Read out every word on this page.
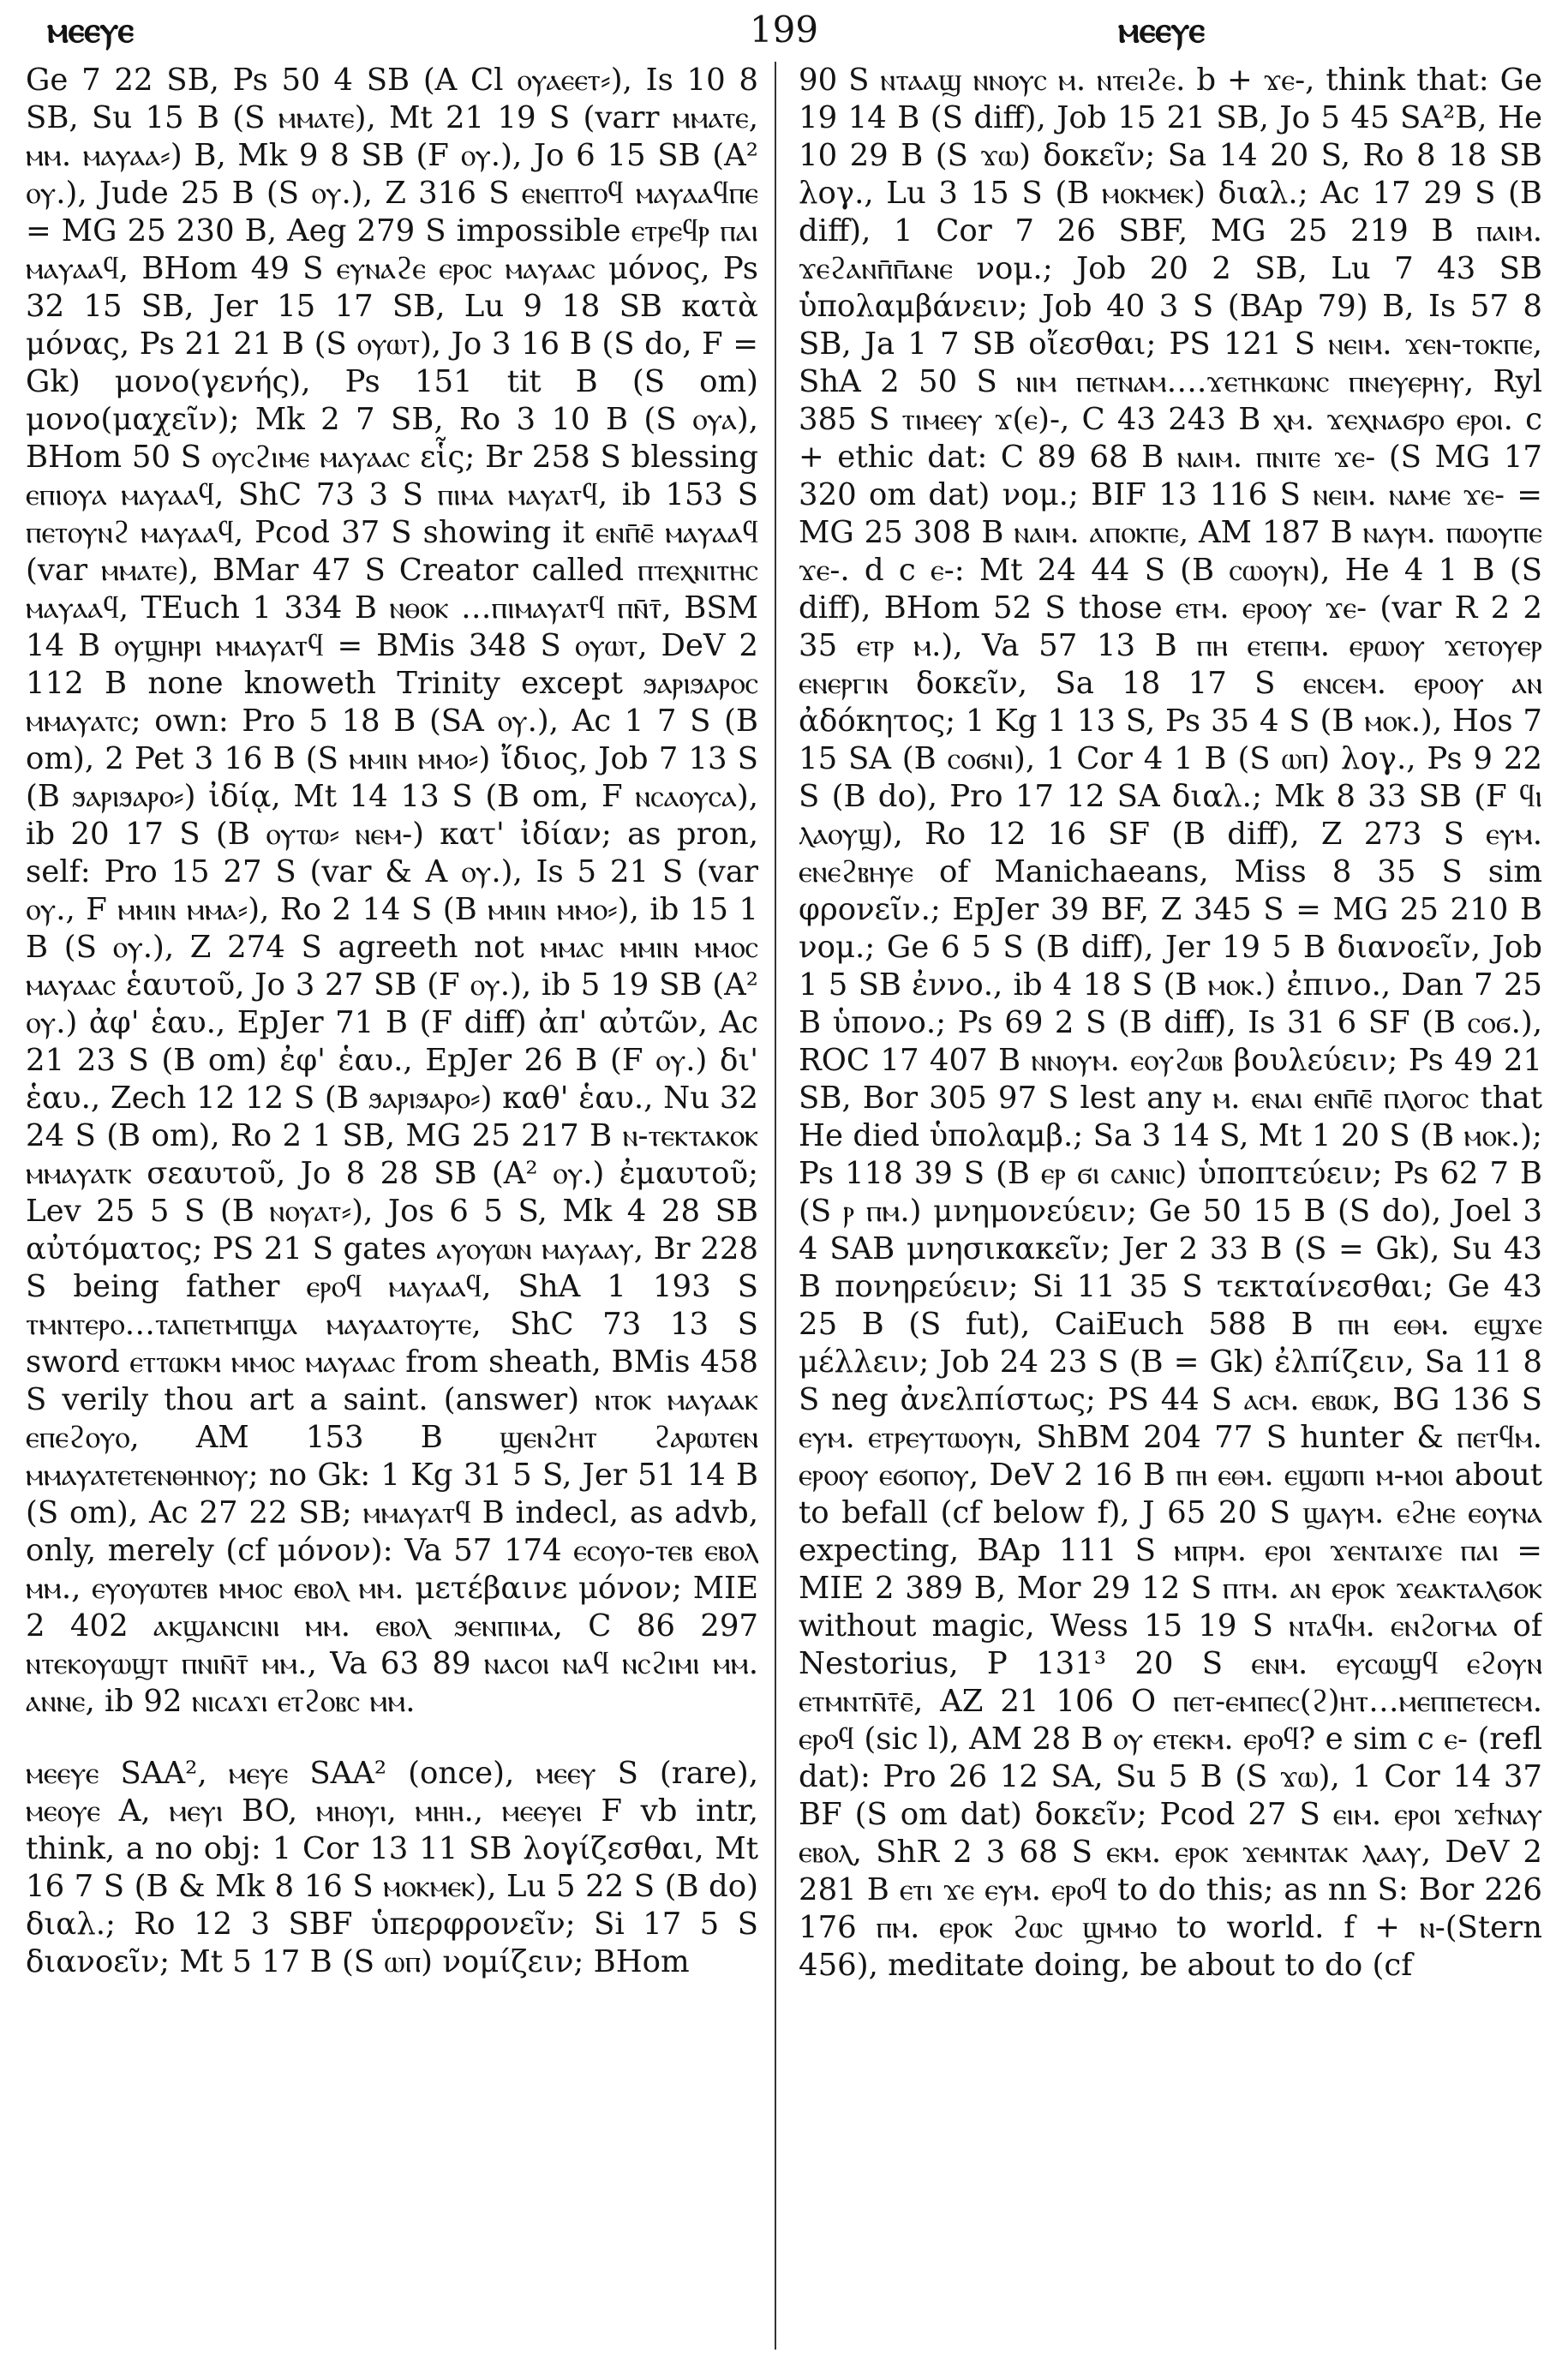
ⲙⲉⲉⲩⲉ	199	ⲙⲉⲉⲩⲉ

Ge 7 22 SB, Ps 50 4 SB (A Cl ⲟⲩⲁⲉⲉⲧ⸗), Is 10 8 SB, Su 15 B (S ⲙⲙⲁⲧⲉ), Mt 21 19 S (varr ⲙⲙⲁⲧⲉ, ⲙⲙ. ⲙⲁⲩⲁⲁ⸗) B, Mk 9 8 SB (F ⲟⲩ.), Jo 6 15 SB (A² ⲟⲩ.), Jude 25 B (S ⲟⲩ.), Z 316 S ⲉⲛⲉⲡⲧⲟϥ ⲙⲁⲩⲁⲁϥⲡⲉ = MG 25 230 B, Aeg 279 S impossible ⲉⲧⲣⲉϥⲣ ⲡⲁⲓ ⲙⲁⲩⲁⲁϥ, BHom 49 S ⲉⲩⲛⲁϩⲉ ⲉⲣⲟⲥ ⲙⲁⲩⲁⲁⲥ μόνος, Ps 32 15 SB, Jer 15 17 SB, Lu 9 18 SB κατὰ μόνας, Ps 21 21 B (S ⲟⲩⲱⲧ), Jo 3 16 B (S do, F = Gk) μονο(γενής), Ps 151 tit B (S om) μονο(μαχεῖν); Mk 2 7 SB, Ro 3 10 B (S ⲟⲩⲁ), BHom 50 S ⲟⲩⲥϩⲓⲙⲉ ⲙⲁⲩⲁⲁⲥ εἷς; Br 258 S blessing ⲉⲡⲓⲟⲩⲁ ⲙⲁⲩⲁⲁϥ, ShC 73 3 S ⲡⲓⲙⲁ ⲙⲁⲩⲁⲧϥ, ib 153 S ⲡⲉⲧⲟⲩⲛϩ ⲙⲁⲩⲁⲁϥ, Pcod 37 S showing it ⲉⲛⲡ̄ⲉ̄ ⲙⲁⲩⲁⲁϥ (var ⲙⲙⲁⲧⲉ), BMar 47 S Creator called ⲡⲧⲉⲭⲛⲓⲧⲏⲥ ⲙⲁⲩⲁⲁϥ, TEuch 1 334 B ⲛⲑⲟⲕ …ⲡⲓⲙⲁⲩⲁⲧϥ ⲡⲛ̄ⲧ̄, BSM 14 B ⲟⲩϣⲏⲣⲓ ⲙⲙⲁⲩⲁⲧϥ = BMis 348 S ⲟⲩⲱⲧ, DeV 2 112 B none knoweth Trinity except ϧⲁⲣⲓϧⲁⲣⲟⲥ ⲙⲙⲁⲩⲁⲧⲥ; own: Pro 5 18 B (SA ⲟⲩ.), Ac 1 7 S (B om), 2 Pet 3 16 B (S ⲙⲙⲓⲛ ⲙⲙⲟ⸗) ἴδιος, Job 7 13 S (B ϧⲁⲣⲓϧⲁⲣⲟ⸗) ἰδίᾳ, Mt 14 13 S (B om, F ⲛⲥⲁⲟⲩⲥⲁ), ib 20 17 S (B ⲟⲩⲧⲱ⸗ ⲛⲉⲙ-) κατ' ἰδίαν; as pron, self: Pro 15 27 S (var & A ⲟⲩ.), Is 5 21 S (var ⲟⲩ., F ⲙⲙⲓⲛ ⲙⲙⲁ⸗), Ro 2 14 S (B ⲙⲙⲓⲛ ⲙⲙⲟ⸗), ib 15 1 B (S ⲟⲩ.), Z 274 S agreeth not ⲙⲙⲁⲥ ⲙⲙⲓⲛ ⲙⲙⲟⲥ ⲙⲁⲩⲁⲁⲥ ἑαυτοῦ, Jo 3 27 SB (F ⲟⲩ.), ib 5 19 SB (A² ⲟⲩ.) ἀφ' ἑαυ., EpJer 71 B (F diff) ἀπ' αὐτῶν, Ac 21 23 S (B om) ἐφ' ἑαυ., EpJer 26 B (F ⲟⲩ.) δι' ἑαυ., Zech 12 12 S (B ϧⲁⲣⲓϧⲁⲣⲟ⸗) καθ' ἑαυ., Nu 32 24 S (B om), Ro 2 1 SB, MG 25 217 B ⲛ-ⲧⲉⲕⲧⲁⲕⲟⲕ ⲙⲙⲁⲩⲁⲧⲕ σεαυτοῦ, Jo 8 28 SB (A² ⲟⲩ.) ἐμαυτοῦ; Lev 25 5 S (B ⲛⲟⲩⲁⲧ⸗), Jos 6 5 S, Mk 4 28 SB αὐτόματος; PS 21 S gates ⲁⲩⲟⲩⲱⲛ ⲙⲁⲩⲁⲁⲩ, Br 228 S being father ⲉⲣⲟϥ ⲙⲁⲩⲁⲁϥ, ShA 1 193 S ⲧⲙⲛⲧⲉⲣⲟ…ⲧⲁⲡⲉⲧⲙⲡϣⲁ ⲙⲁⲩⲁⲁⲧⲟⲩⲧⲉ, ShC 73 13 S sword ⲉⲧⲧⲱⲕⲙ ⲙⲙⲟⲥ ⲙⲁⲩⲁⲁⲥ from sheath, BMis 458 S verily thou art a saint. (answer) ⲛⲧⲟⲕ ⲙⲁⲩⲁⲁⲕ ⲉⲡⲉϩⲟⲩⲟ, AM 153 B ϣⲉⲛϩⲏⲧ ϩⲁⲣⲱⲧⲉⲛ ⲙⲙⲁⲩⲁⲧⲉⲧⲉⲛⲑⲏⲛⲟⲩ; no Gk: 1 Kg 31 5 S, Jer 51 14 B (S om), Ac 27 22 SB; ⲙⲙⲁⲩⲁⲧϥ B indecl, as advb, only, merely (cf μόνον): Va 57 174 ⲉⲥⲟⲩⲟ-ⲧⲉⲃ ⲉⲃⲟⲗ ⲙⲙ., ⲉⲩⲟⲩⲱⲧⲉⲃ ⲙⲙⲟⲥ ⲉⲃⲟⲗ ⲙⲙ. μετέβαινε μόνον; MIE 2 402 ⲁⲕϣⲁⲛⲥⲓⲛⲓ ⲙⲙ. ⲉⲃⲟⲗ ϧⲉⲛⲡⲓⲙⲁ, C 86 297 ⲛⲧⲉⲕⲟⲩⲱϣⲧ ⲡⲛⲓⲛ̄ⲧ̄ ⲙⲙ., Va 63 89 ⲛⲁⲥⲟⲓ ⲛⲁϥ ⲛⲥϩⲓⲙⲓ ⲙⲙ. ⲁⲛⲛⲉ, ib 92 ⲛⲓⲥⲁϫⲓ ⲉⲧϩⲟⲃⲥ ⲙⲙ.

ⲙⲉⲉⲩⲉ SAA², ⲙⲉⲩⲉ SAA² (once), ⲙⲉⲉⲩ S (rare), ⲙⲉⲟⲩⲉ A, ⲙⲉⲩⲓ BO, ⲙⲏⲟⲩⲓ, ⲙⲏⲏ., ⲙⲉⲉⲩⲉⲓ F vb intr, think, a no obj: 1 Cor 13 11 SB λογίζεσθαι, Mt 16 7 S (B & Mk 8 16 S ⲙⲟⲕⲙⲉⲕ), Lu 5 22 S (B do) διαλ.; Ro 12 3 SBF ὑπερφρονεῖν; Si 17 5 S διανοεῖν; Mt 5 17 B (S ⲱⲡ) νομίζειν; BHom

90 S ⲛⲧⲁⲁϣ ⲛⲛⲟⲩⲥ ⲙ. ⲛⲧⲉⲓϩⲉ. b + ϫⲉ-, think that: Ge 19 14 B (S diff), Job 15 21 SB, Jo 5 45 SA²B, He 10 29 B (S ϫⲱ) δοκεῖν; Sa 14 20 S, Ro 8 18 SB λογ., Lu 3 15 S (B ⲙⲟⲕⲙⲉⲕ) διαλ.; Ac 17 29 S (B diff), 1 Cor 7 26 SBF, MG 25 219 B ⲡⲁⲓⲙ. ϫⲉϩⲁⲛⲡ̄ⲡ̄ⲁⲛⲉ νομ.; Job 20 2 SB, Lu 7 43 SB ὑπολαμβάνειν; Job 40 3 S (BAp 79) B, Is 57 8 SB, Ja 1 7 SB οἴεσθαι; PS 121 S ⲛⲉⲓⲙ. ϫⲉⲛ-ⲧⲟⲕⲡⲉ, ShA 2 50 S ⲛⲓⲙ ⲡⲉⲧⲛⲁⲙ….ϫⲉⲧⲏⲕⲱⲛⲥ ⲡⲛⲉⲩⲉⲣⲏⲩ, Ryl 385 S ⲧⲓⲙⲉⲉⲩ ϫ(ⲉ)-, C 43 243 B ⲭⲙ. ϫⲉⲭⲛⲁϭⲣⲟ ⲉⲣⲟⲓ. c + ethic dat: C 89 68 B ⲛⲁⲓⲙ. ⲡⲛⲓⲧⲉ ϫⲉ- (S MG 17 320 om dat) νομ.; BIF 13 116 S ⲛⲉⲓⲙ. ⲛⲁⲙⲉ ϫⲉ- = MG 25 308 B ⲛⲁⲓⲙ. ⲁⲡⲟⲕⲡⲉ, AM 187 B ⲛⲁⲩⲙ. ⲡⲱⲟⲩⲡⲉ ϫⲉ-. d c ⲉ-: Mt 24 44 S (B ⲥⲱⲟⲩⲛ), He 4 1 B (S diff), BHom 52 S those ⲉⲧⲙ. ⲉⲣⲟⲟⲩ ϫⲉ- (var R 2 2 35 ⲉⲧⲣ ⲙ.), Va 57 13 B ⲡⲏ ⲉⲧⲉⲡⲙ. ⲉⲣⲱⲟⲩ ϫⲉⲧⲟⲩⲉⲣ ⲉⲛⲉⲣⲅⲓⲛ δοκεῖν, Sa 18 17 S ⲉⲛⲥⲉⲙ. ⲉⲣⲟⲟⲩ ⲁⲛ ἀδόκητος; 1 Kg 1 13 S, Ps 35 4 S (B ⲙⲟⲕ.), Hos 7 15 SA (B ⲥⲟϭⲛⲓ), 1 Cor 4 1 B (S ⲱⲡ) λογ., Ps 9 22 S (B do), Pro 17 12 SA διαλ.; Mk 8 33 SB (F ϥⲓ ⲗⲁⲟⲩϣ), Ro 12 16 SF (B diff), Z 273 S ⲉⲩⲙ. ⲉⲛⲉϩⲃⲏⲩⲉ of Manichaeans, Miss 8 35 S sim φρονεῖν.; EpJer 39 BF, Z 345 S = MG 25 210 B νομ.; Ge 6 5 S (B diff), Jer 19 5 B διανοεῖν, Job 1 5 SB ἐννο., ib 4 18 S (B ⲙⲟⲕ.) ἐπινο., Dan 7 25 B ὑπονο.; Ps 69 2 S (B diff), Is 31 6 SF (B ⲥⲟϭ.), ROC 17 407 B ⲛⲛⲟⲩⲙ. ⲉⲟⲩϩⲱⲃ βουλεύειν; Ps 49 21 SB, Bor 305 97 S lest any ⲙ. ⲉⲛⲁⲓ ⲉⲛⲡ̄ⲉ̄ ⲡⲗⲟⲅⲟⲥ that He died ὑπολαμβ.; Sa 3 14 S, Mt 1 20 S (B ⲙⲟⲕ.); Ps 118 39 S (B ⲉⲣ ϭⲓ ⲥⲁⲛⲓⲥ) ὑποπτεύειν; Ps 62 7 B (S ⲣ ⲡⲙ.) μνημονεύειν; Ge 50 15 B (S do), Joel 3 4 SAB μνησικακεῖν; Jer 2 33 B (S = Gk), Su 43 B πονηρεύειν; Si 11 35 S τεκταίνεσθαι; Ge 43 25 B (S fut), CaiEuch 588 B ⲡⲏ ⲉⲑⲙ. ⲉϣϫⲉ μέλλειν; Job 24 23 S (B = Gk) ἐλπίζειν, Sa 11 8 S neg ἀνελπίστως; PS 44 S ⲁⲥⲙ. ⲉⲃⲱⲕ, BG 136 S ⲉⲩⲙ. ⲉⲧⲣⲉⲩⲧⲱⲟⲩⲛ, ShBM 204 77 S hunter & ⲡⲉⲧϥⲙ. ⲉⲣⲟⲟⲩ ⲉϭⲟⲡⲟⲩ, DeV 2 16 B ⲡⲏ ⲉⲑⲙ. ⲉϣⲱⲡⲓ ⲙ-ⲙⲟⲓ about to befall (cf below f), J 65 20 S ϣⲁⲩⲙ. ⲉϩⲏⲉ ⲉⲟⲩⲛⲁ expecting, BAp 111 S ⲙⲡⲣⲙ. ⲉⲣⲟⲓ ϫⲉⲛⲧⲁⲓϫⲉ ⲡⲁⲓ = MIE 2 389 B, Mor 29 12 S ⲡⲧⲙ. ⲁⲛ ⲉⲣⲟⲕ ϫⲉⲁⲕⲧⲁⲗϭⲟⲕ without magic, Wess 15 19 S ⲛⲧⲁϥⲙ. ⲉⲛϩⲟⲅⲙⲁ of Nestorius, P 131³ 20 S ⲉⲛⲙ. ⲉⲩⲥⲱϣϥ ⲉϩⲟⲩⲛ ⲉⲧⲙⲛⲧⲛ̄ⲧ̄ⲉ̄, AZ 21 106 O ⲡⲉⲧ-ⲉⲙⲡⲉⲥ(ϩ)ⲏⲧ…ⲙⲉⲡⲡⲉⲧⲉⲥⲙ. ⲉⲣⲟϥ (sic l), AM 28 B ⲟⲩ ⲉⲧⲉⲕⲙ. ⲉⲣⲟϥ? e sim c ⲉ- (refl dat): Pro 26 12 SA, Su 5 B (S ϫⲱ), 1 Cor 14 37 BF (S om dat) δοκεῖν; Pcod 27 S ⲉⲓⲙ. ⲉⲣⲟⲓ ϫⲉϯⲛⲁⲩ ⲉⲃⲟⲗ, ShR 2 3 68 S ⲉⲕⲙ. ⲉⲣⲟⲕ ϫⲉⲙⲛⲧⲁⲕ ⲗⲁⲁⲩ, DeV 2 281 B ⲉⲧⲓ ϫⲉ ⲉⲩⲙ. ⲉⲣⲟϥ to do this; as nn S: Bor 226 176 ⲡⲙ. ⲉⲣⲟⲕ ϩⲱⲥ ϣⲙⲙⲟ to world. f + ⲛ-(Stern 456), meditate doing, be about to do (cf
